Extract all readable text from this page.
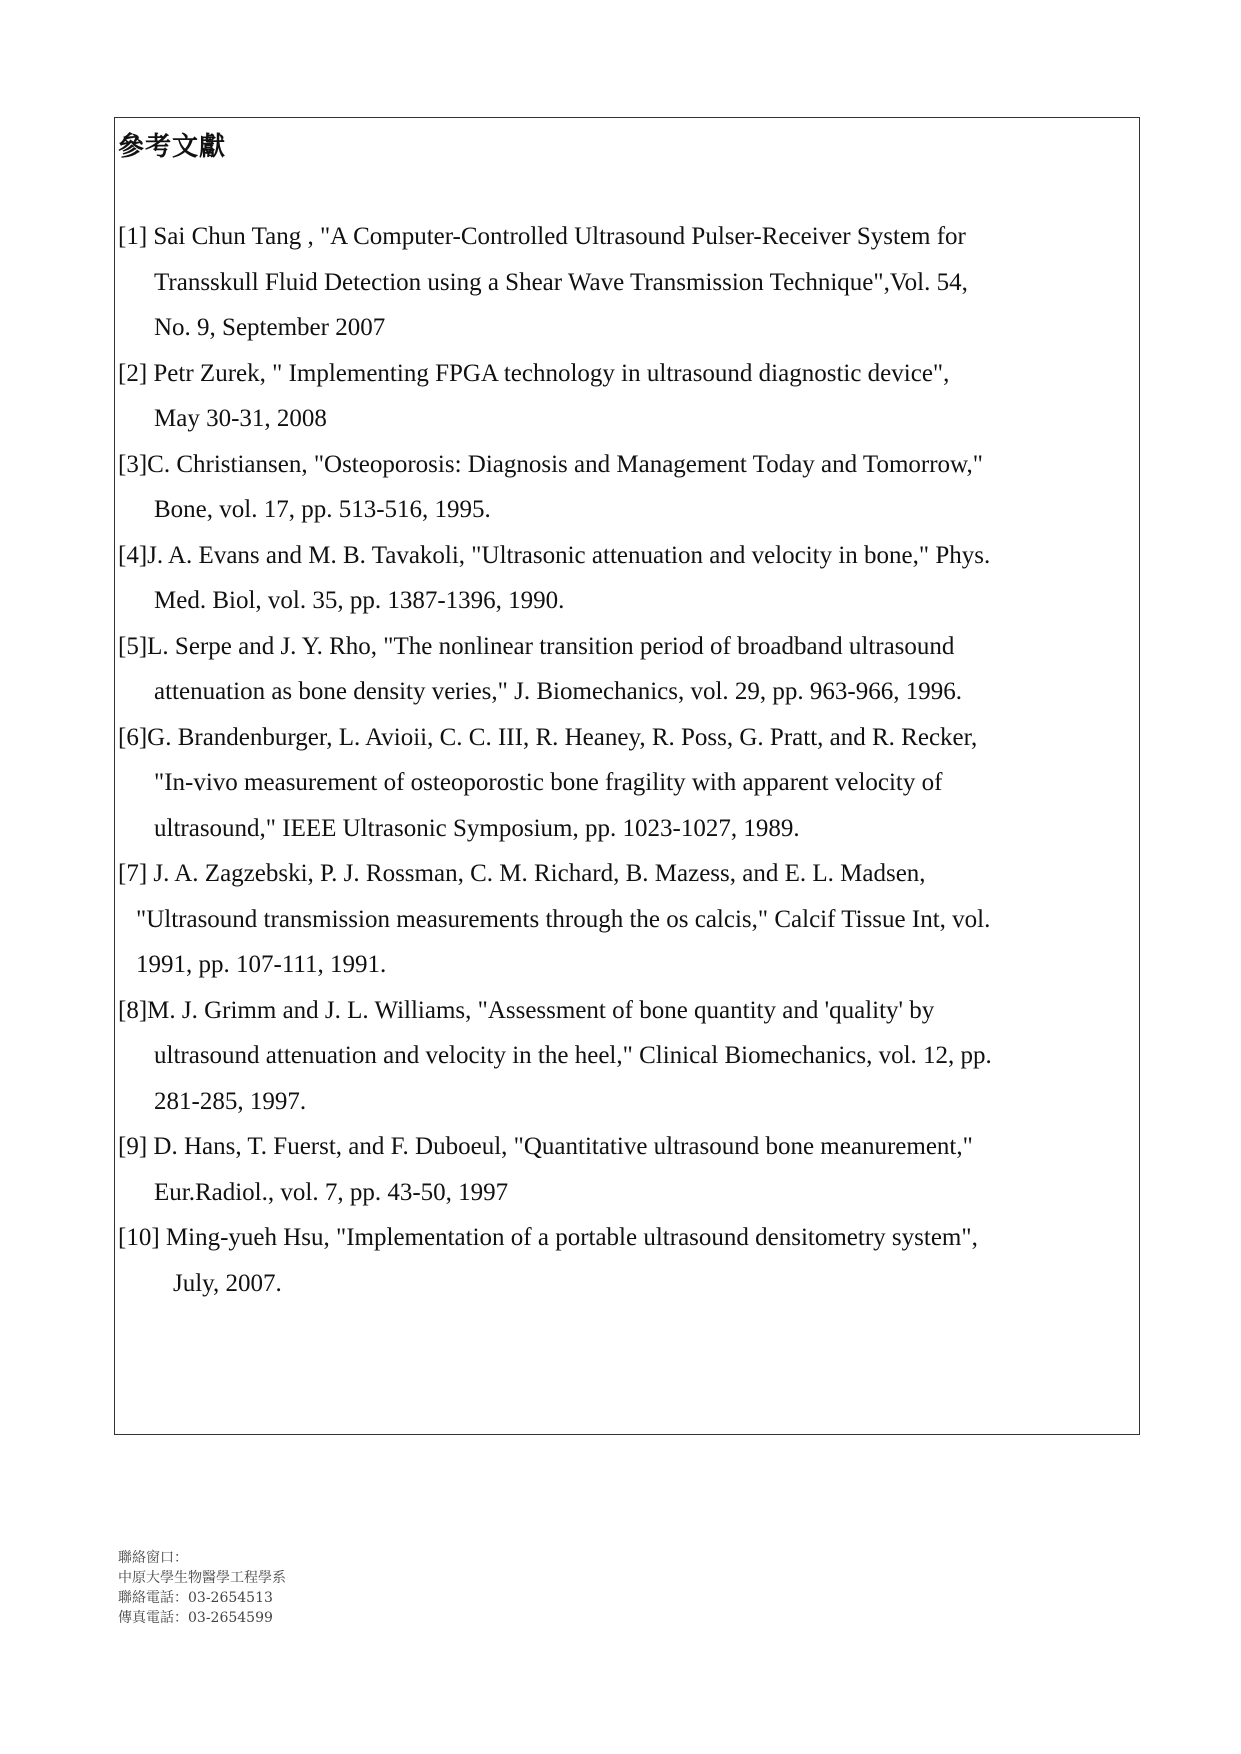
參考文獻
[1] Sai Chun Tang , "A Computer-Controlled Ultrasound Pulser-Receiver System for
Transskull Fluid Detection using a Shear Wave Transmission Technique",Vol. 54,
No. 9, September 2007
[2] Petr Zurek, " Implementing FPGA technology in ultrasound diagnostic device",
May 30-31, 2008
[3]C. Christiansen, "Osteoporosis: Diagnosis and Management Today and Tomorrow,"
Bone, vol. 17, pp. 513-516, 1995.
[4]J. A. Evans and M. B. Tavakoli, "Ultrasonic attenuation and velocity in bone," Phys.
Med. Biol, vol. 35, pp. 1387-1396, 1990.
[5]L. Serpe and J. Y. Rho, "The nonlinear transition period of broadband ultrasound
attenuation as bone density veries," J. Biomechanics, vol. 29, pp. 963-966, 1996.
[6]G. Brandenburger, L. Avioii, C. C. III, R. Heaney, R. Poss, G. Pratt, and R. Recker,
"In-vivo measurement of osteoporostic bone fragility with apparent velocity of
ultrasound," IEEE Ultrasonic Symposium, pp. 1023-1027, 1989.
[7] J. A. Zagzebski, P. J. Rossman, C. M. Richard, B. Mazess, and E. L. Madsen,
"Ultrasound transmission measurements through the os calcis," Calcif Tissue Int, vol.
1991, pp. 107-111, 1991.
[8]M. J. Grimm and J. L. Williams, "Assessment of bone quantity and 'quality' by
ultrasound attenuation and velocity in the heel," Clinical Biomechanics, vol. 12, pp.
281-285, 1997.
[9] D. Hans, T. Fuerst, and F. Duboeul, "Quantitative ultrasound bone meanurement,"
Eur.Radiol., vol. 7, pp. 43-50, 1997
[10] Ming-yueh Hsu, "Implementation of a portable ultrasound densitometry system",
July, 2007.
聯絡窗口：
中原大學生物醫學工程學系
聯絡電話：03-2654513
傳真電話：03-2654599
